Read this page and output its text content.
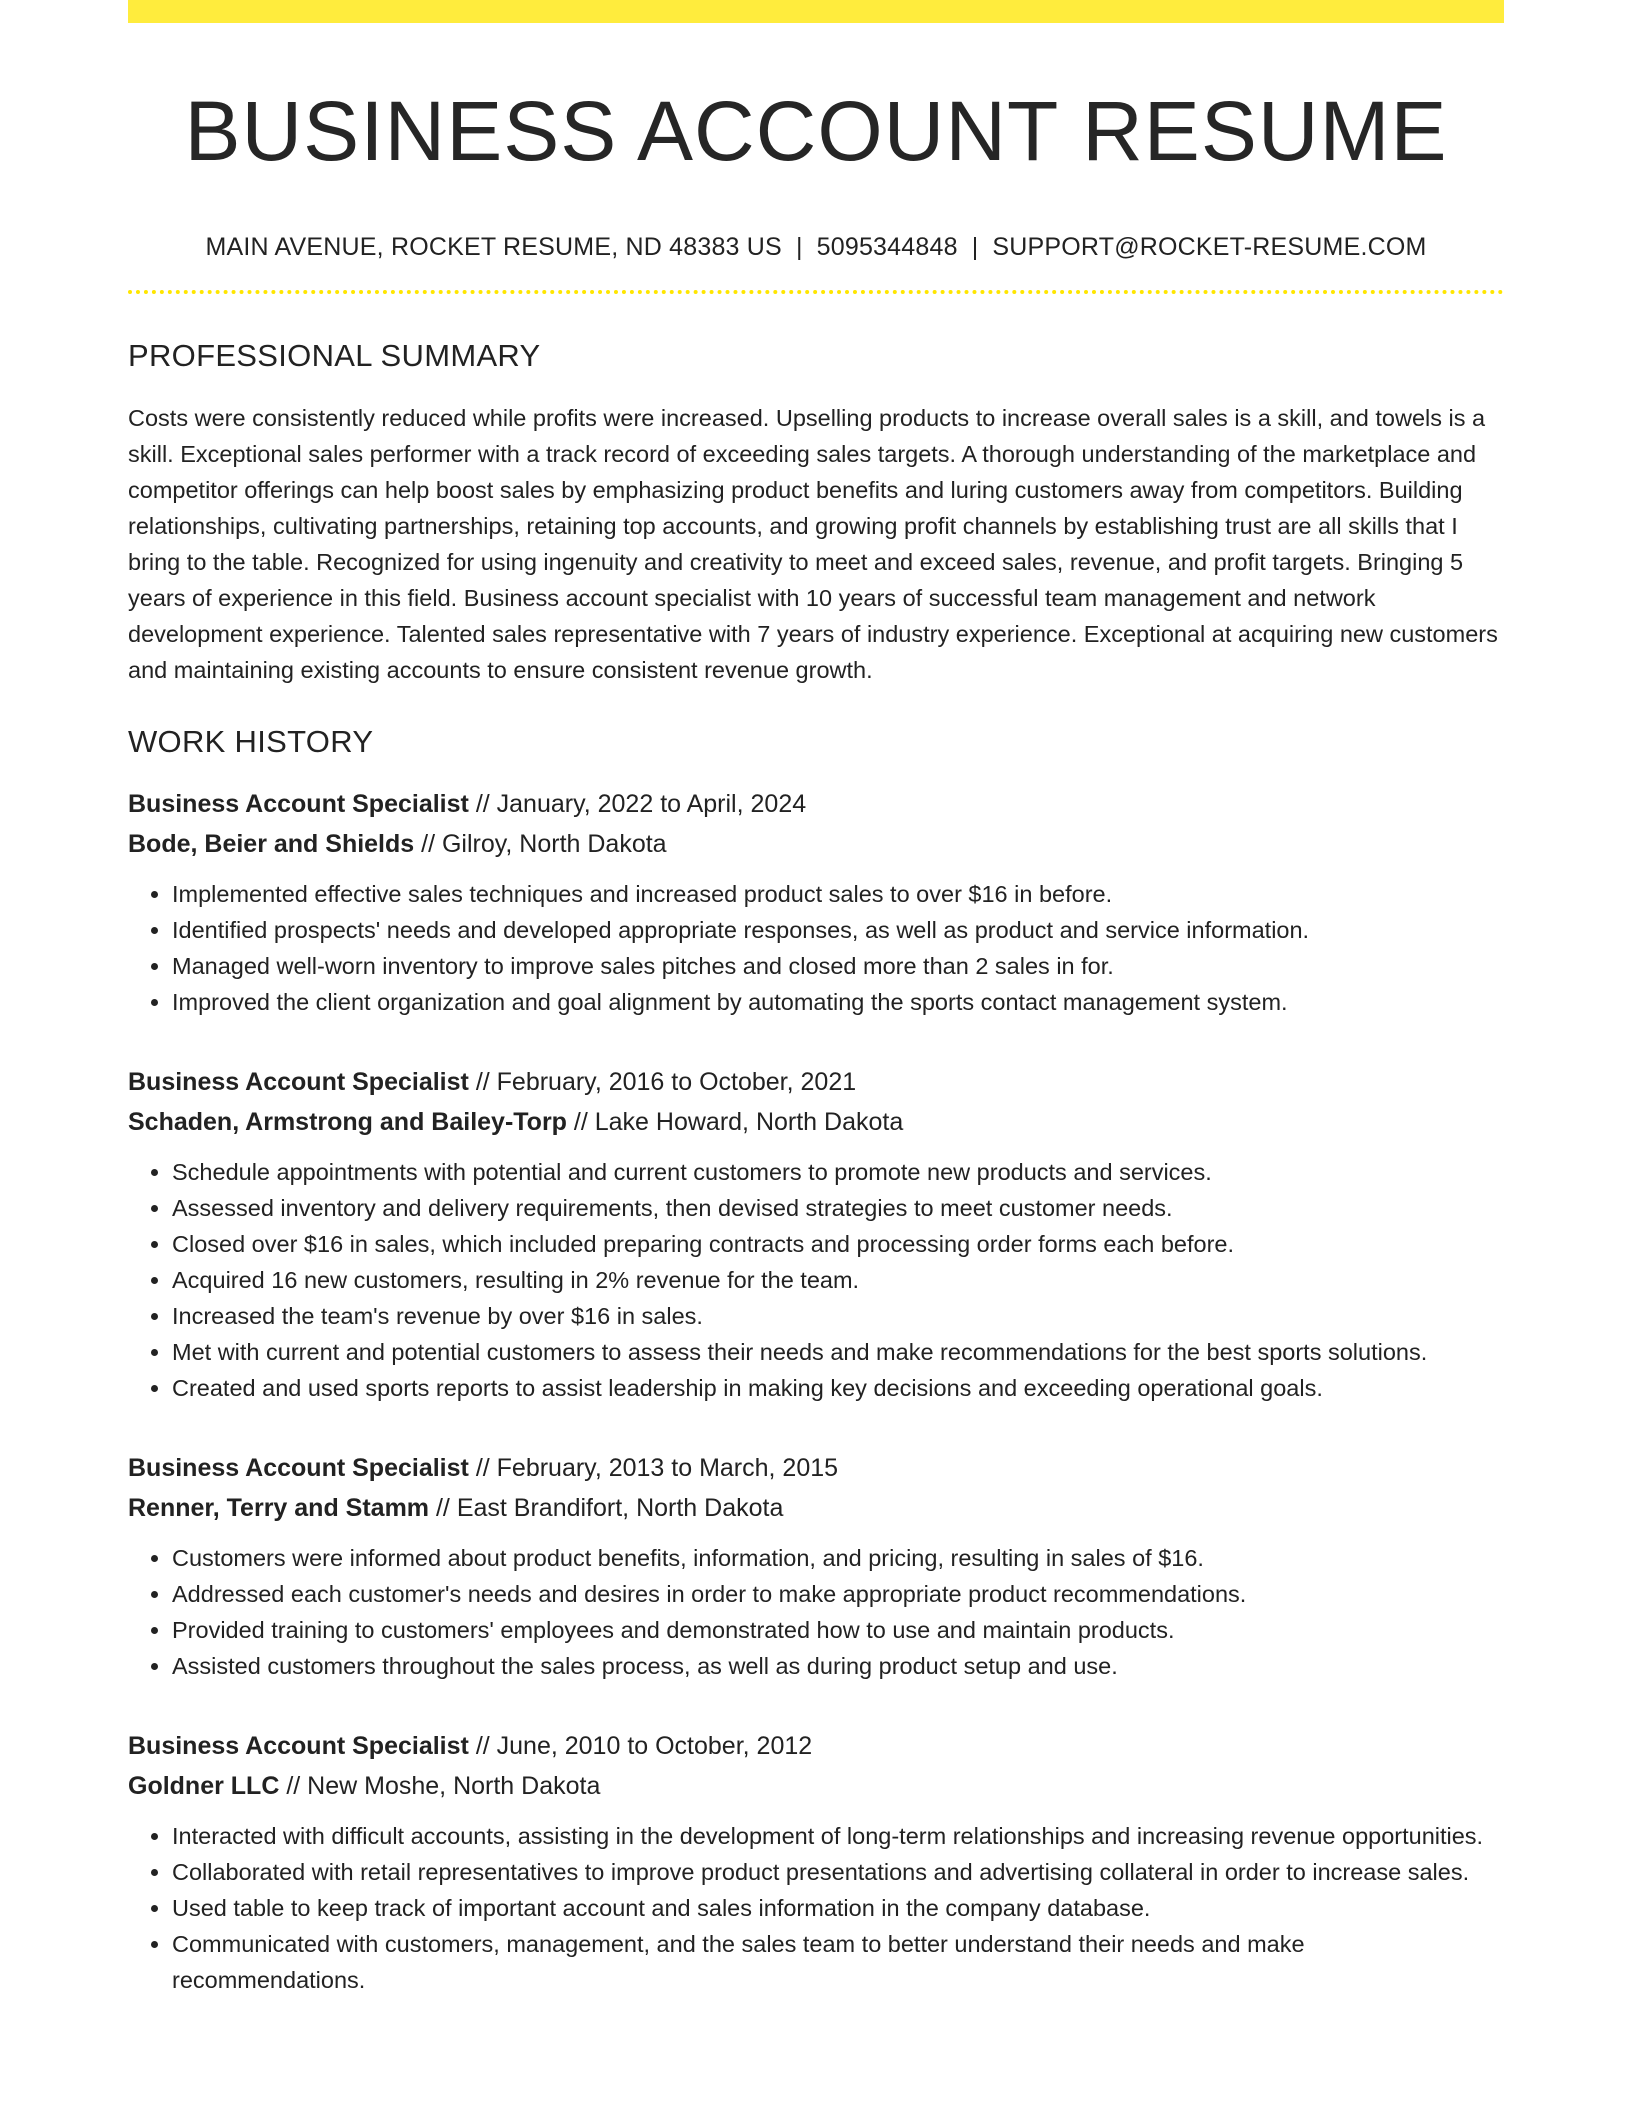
BUSINESS ACCOUNT RESUME
MAIN AVENUE, ROCKET RESUME, ND 48383 US | 5095344848 | SUPPORT@ROCKET-RESUME.COM
PROFESSIONAL SUMMARY

Costs were consistently reduced while profits were increased. Upselling products to increase overall sales is a skill, and towels is a skill. Exceptional sales performer with a track record of exceeding sales targets. A thorough understanding of the marketplace and competitor offerings can help boost sales by emphasizing product benefits and luring customers away from competitors. Building relationships, cultivating partnerships, retaining top accounts, and growing profit channels by establishing trust are all skills that I bring to the table. Recognized for using ingenuity and creativity to meet and exceed sales, revenue, and profit targets. Bringing 5 years of experience in this field. Business account specialist with 10 years of successful team management and network development experience. Talented sales representative with 7 years of industry experience. Exceptional at acquiring new customers and maintaining existing accounts to ensure consistent revenue growth.

WORK HISTORY
Business Account Specialist // January, 2022 to April, 2024
Bode, Beier and Shields // Gilroy, North Dakota
• Implemented effective sales techniques and increased product sales to over $16 in before.
• Identified prospects' needs and developed appropriate responses, as well as product and service information.
• Managed well-worn inventory to improve sales pitches and closed more than 2 sales in for.
• Improved the client organization and goal alignment by automating the sports contact management system.
Business Account Specialist // February, 2016 to October, 2021
Schaden, Armstrong and Bailey-Torp // Lake Howard, North Dakota
• Schedule appointments with potential and current customers to promote new products and services.
• Assessed inventory and delivery requirements, then devised strategies to meet customer needs.
• Closed over $16 in sales, which included preparing contracts and processing order forms each before.
• Acquired 16 new customers, resulting in 2% revenue for the team.
• Increased the team's revenue by over $16 in sales.
• Met with current and potential customers to assess their needs and make recommendations for the best sports solutions.
• Created and used sports reports to assist leadership in making key decisions and exceeding operational goals.
Business Account Specialist // February, 2013 to March, 2015
Renner, Terry and Stamm // East Brandifort, North Dakota
• Customers were informed about product benefits, information, and pricing, resulting in sales of $16.
• Addressed each customer's needs and desires in order to make appropriate product recommendations.
• Provided training to customers' employees and demonstrated how to use and maintain products.
• Assisted customers throughout the sales process, as well as during product setup and use.
Business Account Specialist // June, 2010 to October, 2012
Goldner LLC // New Moshe, North Dakota
• Interacted with difficult accounts, assisting in the development of long-term relationships and increasing revenue opportunities.
• Collaborated with retail representatives to improve product presentations and advertising collateral in order to increase sales.
• Used table to keep track of important account and sales information in the company database.
• Communicated with customers, management, and the sales team to better understand their needs and make recommendations.
